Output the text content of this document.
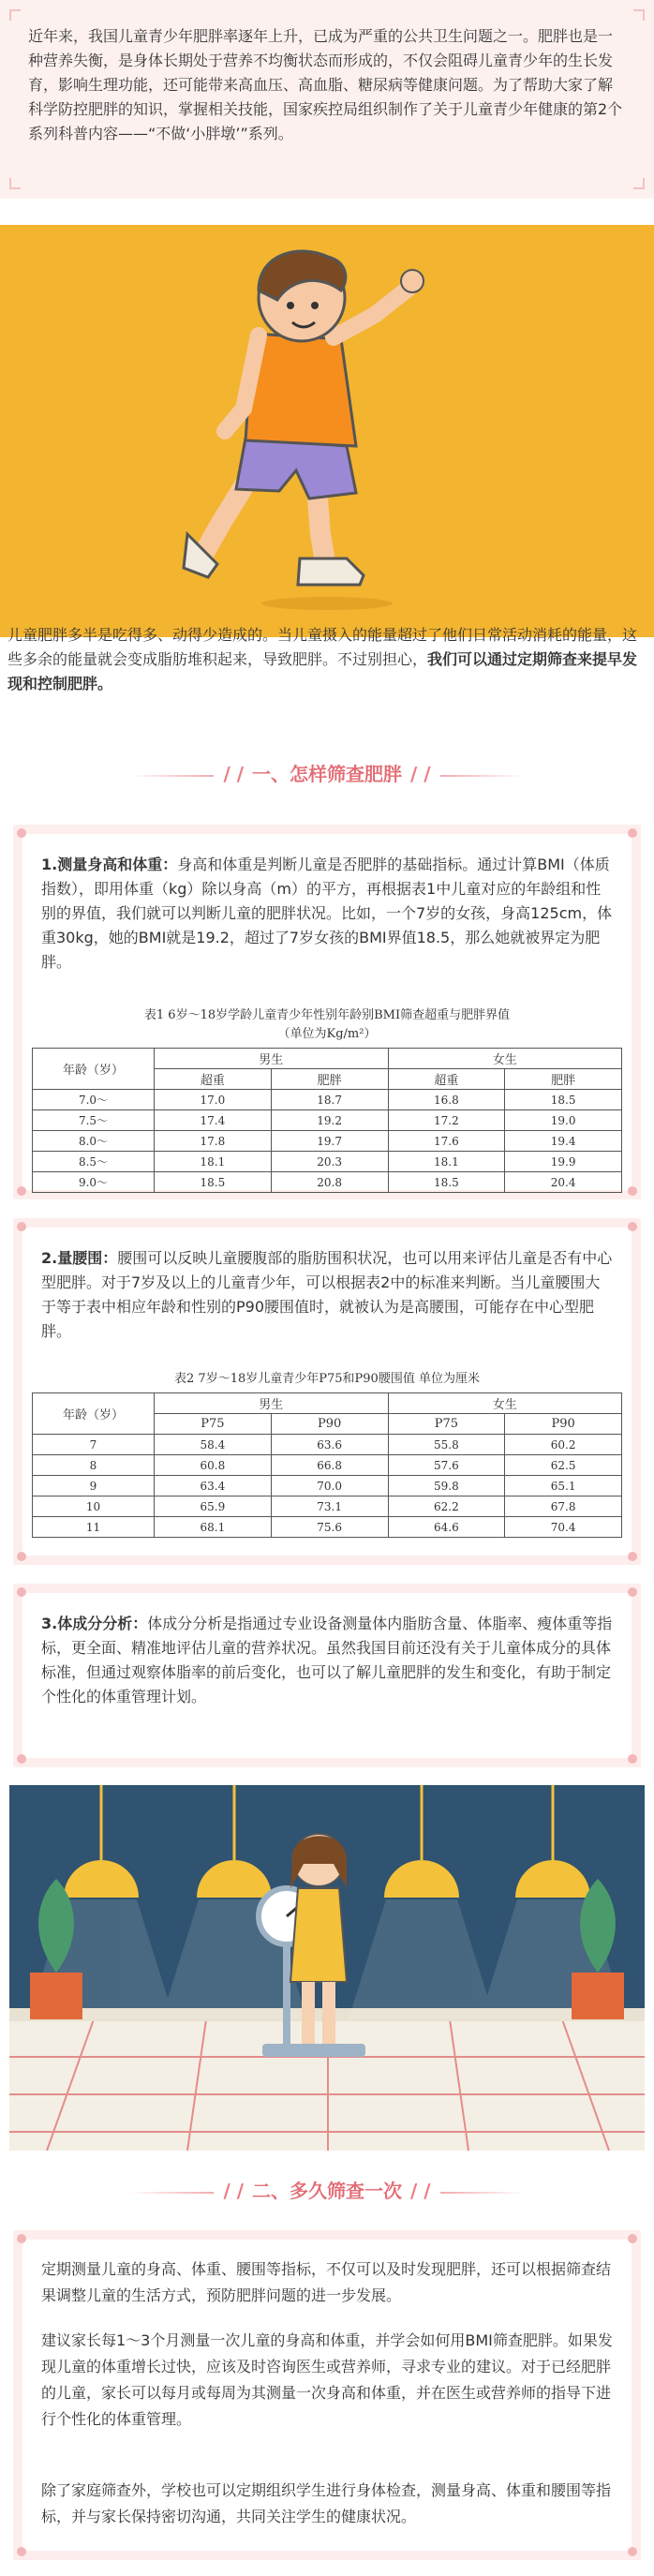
近年来，我国儿童青少年肥胖率逐年上升，已成为严重的公共卫生问题之一。肥胖也是一种营养失衡，是身体长期处于营养不均衡状态而形成的，不仅会阻碍儿童青少年的生长发育，影响生理功能，还可能带来高血压、高血脂、糖尿病等健康问题。为了帮助大家了解科学防控肥胖的知识，掌握相关技能，国家疾控局组织制作了关于儿童青少年健康的第2个系列科普内容——“不做‘小胖墩’”系列。

儿童肥胖多半是吃得多、动得少造成的。当儿童摄入的能量超过了他们日常活动消耗的能量，这些多余的能量就会变成脂肪堆积起来，导致肥胖。不过别担心，我们可以通过定期筛查来提早发现和控制肥胖。

/ / 一、怎样筛查肥胖 / /

1.测量身高和体重：身高和体重是判断儿童是否肥胖的基础指标。通过计算BMI（体质指数），即用体重（kg）除以身高（m）的平方，再根据表1中儿童对应的年龄组和性别的界值，我们就可以判断儿童的肥胖状况。比如，一个7岁的女孩，身高125cm，体重30kg，她的BMI就是19.2，超过了7岁女孩的BMI界值18.5，那么她就被界定为肥胖。

表1 6岁～18岁学龄儿童青少年性别年龄别BMI筛查超重与肥胖界值

（单位为Kg/m²）

年龄（岁）	男生		女生	
	超重	肥胖	超重	肥胖
7.0～	17.0	18.7	16.8	18.5
7.5～	17.4	19.2	17.2	19.0
8.0～	17.8	19.7	17.6	19.4
8.5～	18.1	20.3	18.1	19.9
9.0～	18.5	20.8	18.5	20.4

2.量腰围：腰围可以反映儿童腰腹部的脂肪围积状况，也可以用来评估儿童是否有中心型肥胖。对于7岁及以上的儿童青少年，可以根据表2中的标准来判断。当儿童腰围大于等于表中相应年龄和性别的P90腰围值时，就被认为是高腰围，可能存在中心型肥胖。

表2 7岁～18岁儿童青少年P75和P90腰围值 单位为厘米

年龄（岁）	男生		女生	
	P75	P90	P75	P90
7	58.4	63.6	55.8	60.2
8	60.8	66.8	57.6	62.5
9	63.4	70.0	59.8	65.1
10	65.9	73.1	62.2	67.8
11	68.1	75.6	64.6	70.4

3.体成分分析：体成分分析是指通过专业设备测量体内脂肪含量、体脂率、瘦体重等指标，更全面、精准地评估儿童的营养状况。虽然我国目前还没有关于儿童体成分的具体标准，但通过观察体脂率的前后变化，也可以了解儿童肥胖的发生和变化，有助于制定个性化的体重管理计划。

/ / 二、多久筛查一次 / /

定期测量儿童的身高、体重、腰围等指标，不仅可以及时发现肥胖，还可以根据筛查结果调整儿童的生活方式，预防肥胖问题的进一步发展。

建议家长每1～3个月测量一次儿童的身高和体重，并学会如何用BMI筛查肥胖。如果发现儿童的体重增长过快，应该及时咨询医生或营养师，寻求专业的建议。对于已经肥胖的儿童，家长可以每月或每周为其测量一次身高和体重，并在医生或营养师的指导下进行个性化的体重管理。

除了家庭筛查外，学校也可以定期组织学生进行身体检查，测量身高、体重和腰围等指标，并与家长保持密切沟通，共同关注学生的健康状况。
